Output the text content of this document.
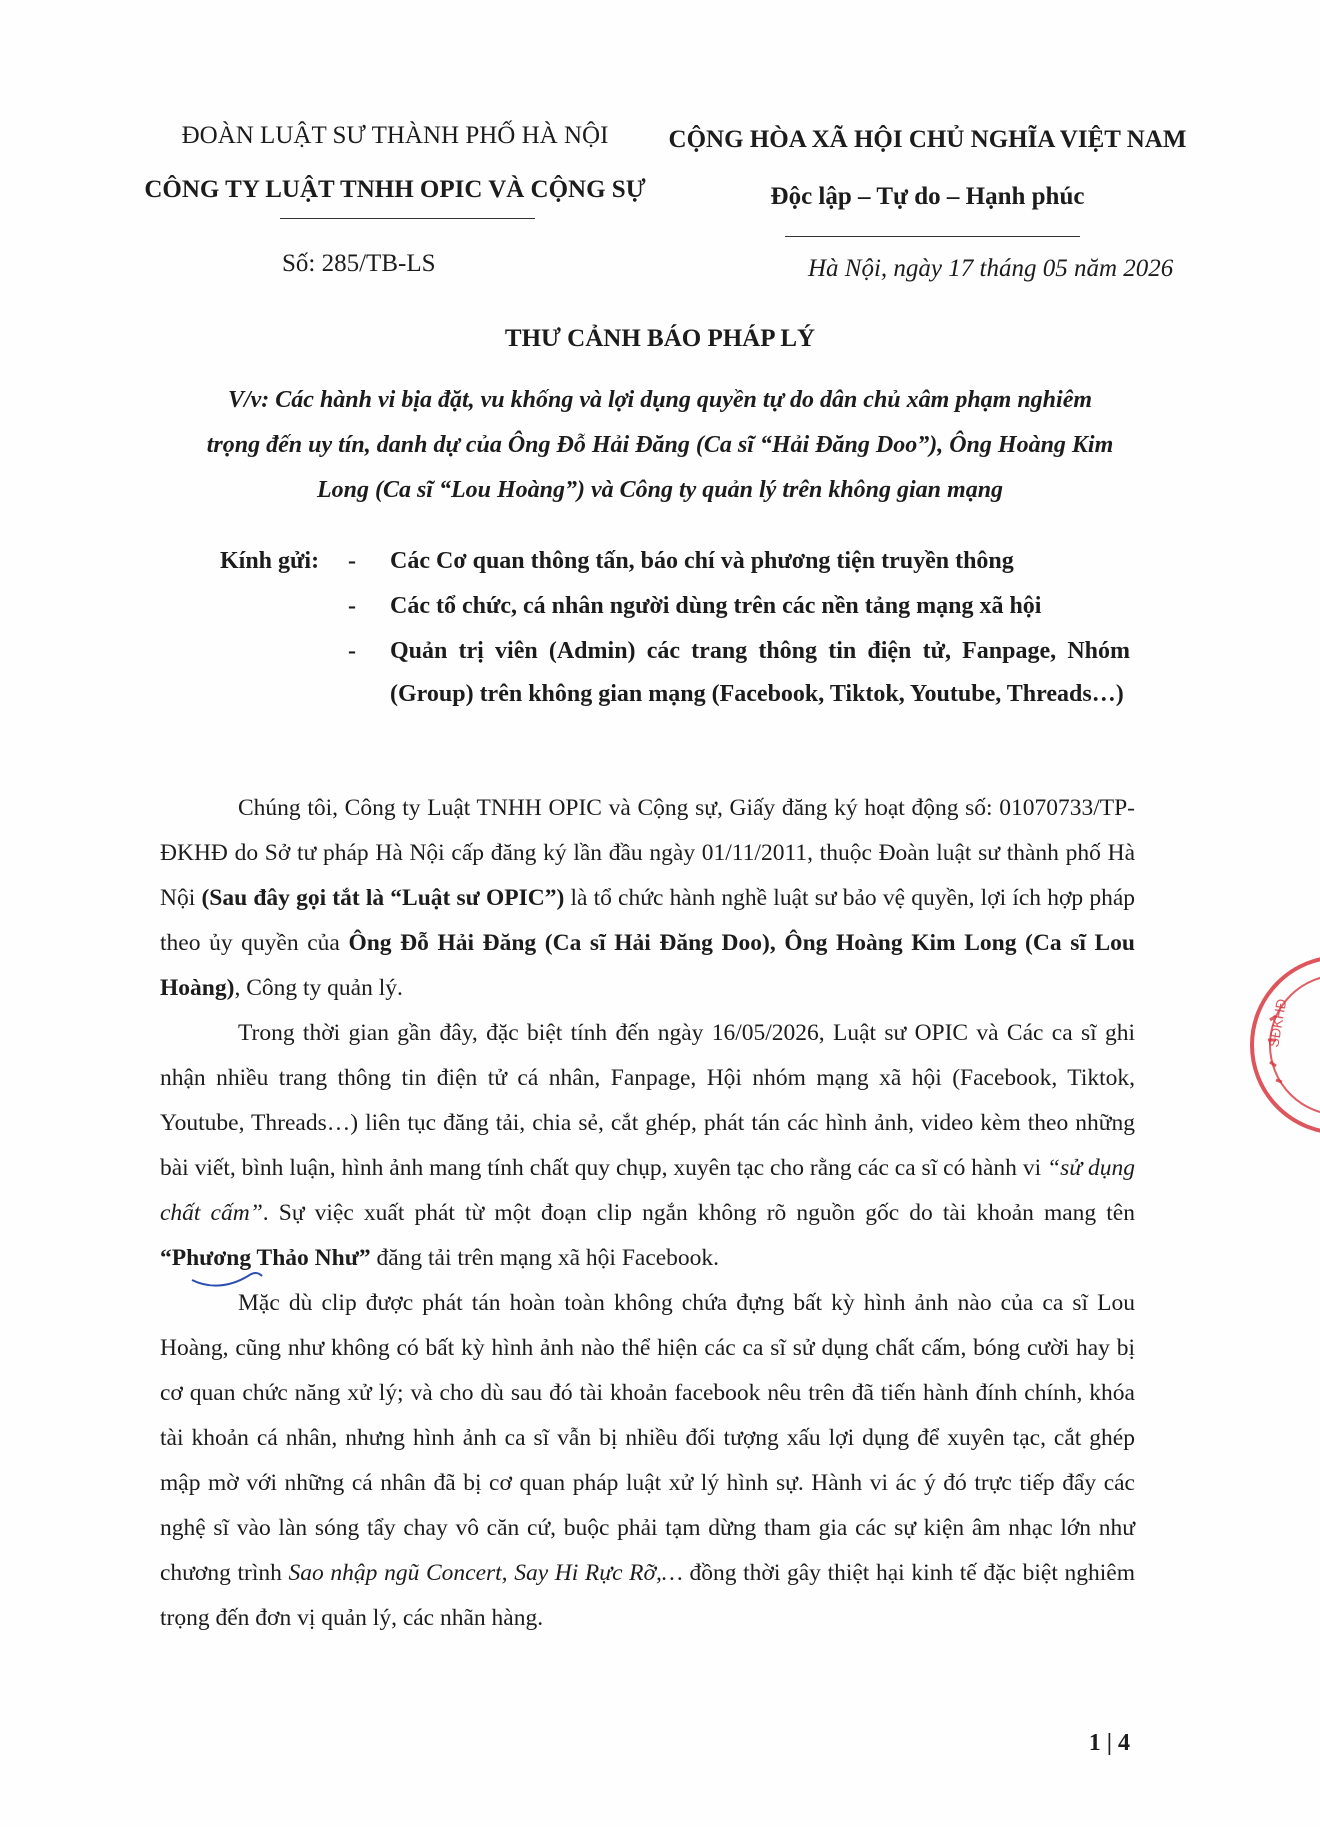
ĐOÀN LUẬT SƯ THÀNH PHỐ HÀ NỘI
CÔNG TY LUẬT TNHH OPIC VÀ CỘNG SỰ
CỘNG HÒA XÃ HỘI CHỦ NGHĨA VIỆT NAM
Độc lập – Tự do – Hạnh phúc
Số: 285/TB-LS	Hà Nội, ngày 17 tháng 05 năm 2026
THƯ CẢNH BÁO PHÁP LÝ
V/v: Các hành vi bịa đặt, vu khống và lợi dụng quyền tự do dân chủ xâm phạm nghiêm
trọng đến uy tín, danh dự của Ông Đỗ Hải Đăng (Ca sĩ “Hải Đăng Doo”), Ông Hoàng Kim
Long (Ca sĩ “Lou Hoàng”) và Công ty quản lý trên không gian mạng
Kính gửi: - Các Cơ quan thông tấn, báo chí và phương tiện truyền thông
- Các tổ chức, cá nhân người dùng trên các nền tảng mạng xã hội
- Quản trị viên (Admin) các trang thông tin điện tử, Fanpage, Nhóm (Group) trên không gian mạng (Facebook, Tiktok, Youtube, Threads…)

Chúng tôi, Công ty Luật TNHH OPIC và Cộng sự, Giấy đăng ký hoạt động số: 01070733/TP-ĐKHĐ do Sở tư pháp Hà Nội cấp đăng ký lần đầu ngày 01/11/2011, thuộc Đoàn luật sư thành phố Hà Nội (Sau đây gọi tắt là “Luật sư OPIC”) là tổ chức hành nghề luật sư bảo vệ quyền, lợi ích hợp pháp theo ủy quyền của Ông Đỗ Hải Đăng (Ca sĩ Hải Đăng Doo), Ông Hoàng Kim Long (Ca sĩ Lou Hoàng), Công ty quản lý.

Trong thời gian gần đây, đặc biệt tính đến ngày 16/05/2026, Luật sư OPIC và Các ca sĩ ghi nhận nhiều trang thông tin điện tử cá nhân, Fanpage, Hội nhóm mạng xã hội (Facebook, Tiktok, Youtube, Threads…) liên tục đăng tải, chia sẻ, cắt ghép, phát tán các hình ảnh, video kèm theo những bài viết, bình luận, hình ảnh mang tính chất quy chụp, xuyên tạc cho rằng các ca sĩ có hành vi “sử dụng chất cấm”. Sự việc xuất phát từ một đoạn clip ngắn không rõ nguồn gốc do tài khoản mang tên “Phương Thảo Như” đăng tải trên mạng xã hội Facebook.

Mặc dù clip được phát tán hoàn toàn không chứa đựng bất kỳ hình ảnh nào của ca sĩ Lou Hoàng, cũng như không có bất kỳ hình ảnh nào thể hiện các ca sĩ sử dụng chất cấm, bóng cười hay bị cơ quan chức năng xử lý; và cho dù sau đó tài khoản facebook nêu trên đã tiến hành đính chính, khóa tài khoản cá nhân, nhưng hình ảnh ca sĩ vẫn bị nhiều đối tượng xấu lợi dụng để xuyên tạc, cắt ghép mập mờ với những cá nhân đã bị cơ quan pháp luật xử lý hình sự. Hành vi ác ý đó trực tiếp đẩy các nghệ sĩ vào làn sóng tẩy chay vô căn cứ, buộc phải tạm dừng tham gia các sự kiện âm nhạc lớn như chương trình Sao nhập ngũ Concert, Say Hi Rực Rỡ,… đồng thời gây thiệt hại kinh tế đặc biệt nghiêm trọng đến đơn vị quản lý, các nhãn hàng.

SĐKHĐ
1 | 4
